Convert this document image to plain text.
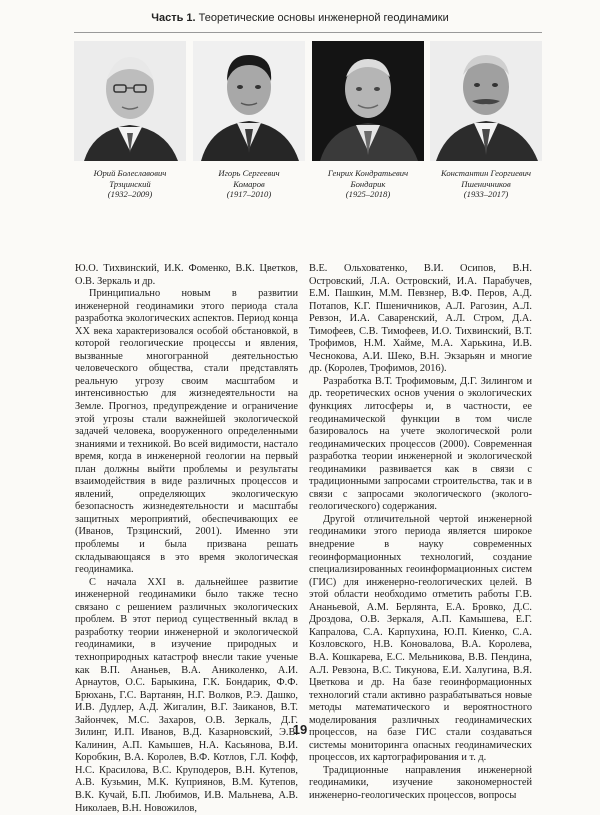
Часть 1. Теоретические основы инженерной геодинамики
Юрий Болеславович
Трзцинский
(1932–2009)
Игорь Сергеевич
Комаров
(1917–2010)
Генрих Кондратьевич
Бондарик
(1925–2018)
Константин Георгиевич
Пшеничников
(1933–2017)

Ю.О. Тихвинский, И.К. Фоменко, В.К. Цветков, О.В. Зеркаль и др.

Принципиально новым в развитии инженерной геодинамики этого периода стала разработка экологических аспектов. Период конца XX века характеризовался особой обстановкой, в которой геологические процессы и явления, вызванные многогранной деятельностью человеческого общества, стали представлять реальную угрозу своим масштабом и интенсивностью для жизнедеятельности на Земле. Прогноз, предупреждение и ограничение этой угрозы стали важнейшей экологической задачей человека, вооруженного определенными знаниями и техникой. Во всей видимости, настало время, когда в инженерной геологии на первый план должны выйти проблемы и результаты взаимодействия в виде различных процессов и явлений, определяющих экологическую безопасность жизнедеятельности и масштабы защитных мероприятий, обеспечивающих ее (Иванов, Трзцинский, 2001). Именно эти проблемы и была призвана решать складывающаяся в это время экологическая геодинамика.

С начала XXI в. дальнейшее развитие инженерной геодинамики было также тесно связано с решением различных экологических проблем. В этот период существенный вклад в разработку теории инженерной и экологической геодинамики, в изучение природных и техноприродных катастроф внесли такие ученые как В.П. Ананьев, В.А. Аниколенко, А.И. Арнаутов, О.С. Барыкина, Г.К. Бондарик, Ф.Ф. Брюхань, Г.С. Вартанян, Н.Г. Волков, Р.Э. Дашко, И.В. Дудлер, А.Д. Жигалин, В.Г. Заиканов, В.Т. Зайончек, М.С. Захаров, О.В. Зеркаль, Д.Г. Зилинг, И.П. Иванов, В.Д. Казарновский, Э.В. Калинин, А.П. Камышев, Н.А. Касьянова, В.И. Коробкин, В.А. Королев, В.Ф. Котлов, Г.Л. Кофф, Н.С. Красилова, В.С. Круподеров, В.Н. Кутепов, А.В. Кузьмин, М.К. Куприянов, В.М. Кутепов, В.К. Кучай, Б.П. Любимов, И.В. Мальнева, А.В. Николаев, В.Н. Новожилов,

В.Е. Ольховатенко, В.И. Осипов, В.Н. Островский, Л.А. Островский, И.А. Парабучев, Е.М. Пашкин, М.М. Певзнер, В.Ф. Перов, А.Д. Потапов, К.Г. Пшеничников, А.Л. Рагозин, А.Л. Ревзон, И.А. Саваренский, А.Л. Стром, Д.А. Тимофеев, С.В. Тимофеев, И.О. Тихвинский, В.Т. Трофимов, Н.М. Хайме, М.А. Харькина, И.В. Чеснокова, А.И. Шеко, В.Н. Экзарьян и многие др. (Королев, Трофимов, 2016).

Разработка В.Т. Трофимовым, Д.Г. Зилингом и др. теоретических основ учения о экологических функциях литосферы и, в частности, ее геодинамической функции в том числе базировалось на учете экологической роли геодинамических процессов (2000). Современная разработка теории инженерной и экологической геодинамики развивается как в связи с традиционными запросами строительства, так и в связи с запросами экологического (эколого-геологического) содержания.

Другой отличительной чертой инженерной геодинамики этого периода является широкое внедрение в науку современных геоинформационных технологий, создание специализированных геоинформационных систем (ГИС) для инженерно-геологических целей. В этой области необходимо отметить работы Г.В. Ананьевой, А.М. Берлянта, Е.А. Бровко, Д.С. Дроздова, О.В. Зеркаля, А.П. Камышева, Е.Г. Капралова, С.А. Карпухина, Ю.П. Киенко, С.А. Козловского, Н.В. Коновалова, В.А. Королева, В.А. Кошкарева, Е.С. Мельникова, В.В. Пендина, А.Л. Ревзона, В.С. Тикунова, Е.И. Халугина, В.Я. Цветкова и др. На базе геоинформационных технологий стали активно разрабатываться новые методы математического и вероятностного моделирования различных геодинамических процессов, на базе ГИС стали создаваться системы мониторинга опасных геодинамических процессов, их картографирования и т. д.

Традиционные направления инженерной геодинамики, изучение закономерностей инженерно-геологических процессов, вопросы

19
